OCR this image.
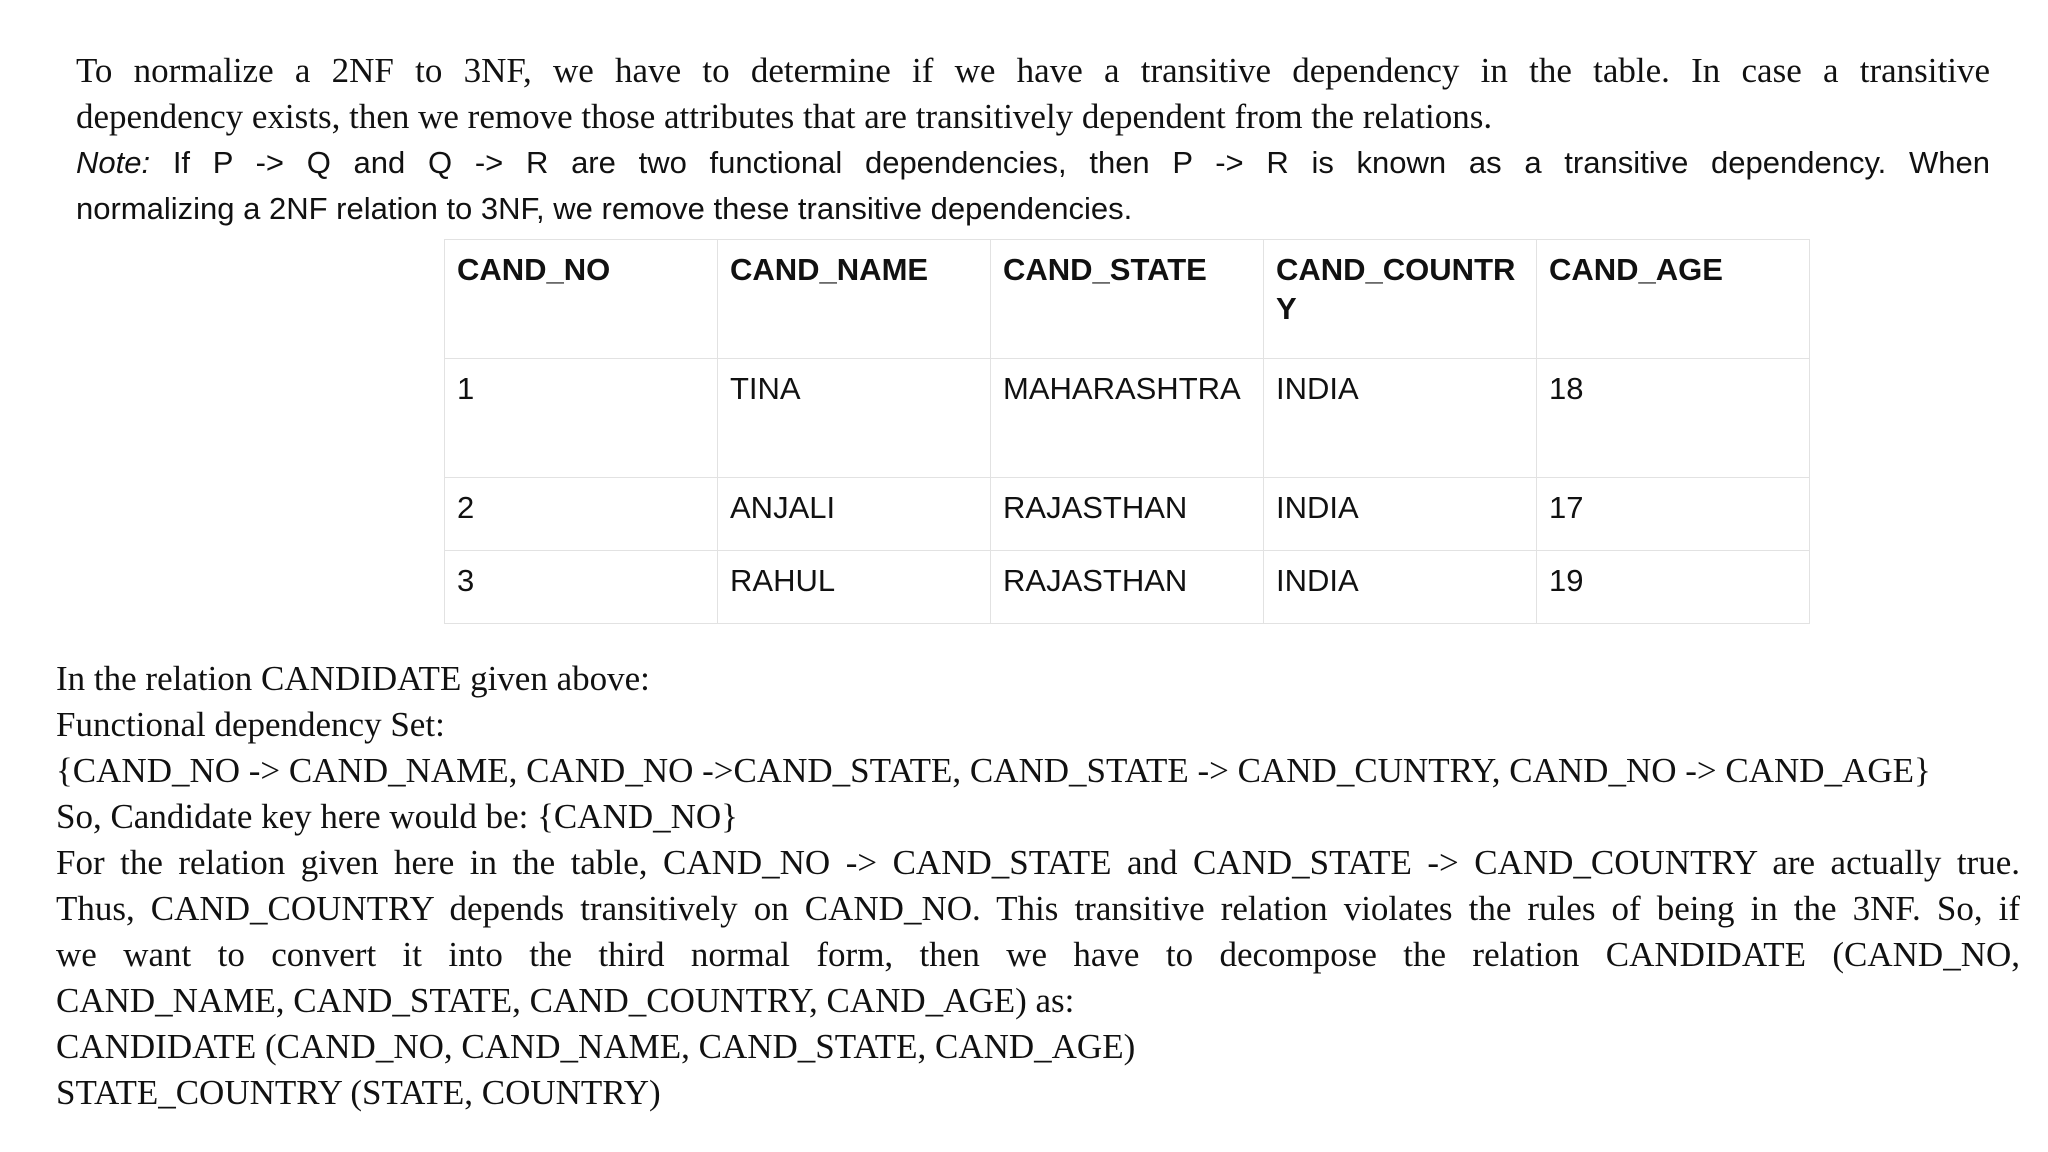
To normalize a 2NF to 3NF, we have to determine if we have a transitive dependency in the table. In case a transitive
dependency exists, then we remove those attributes that are transitively dependent from the relations.
Note: If P -> Q and Q -> R are two functional dependencies, then P -> R is known as a transitive dependency. When
normalizing a 2NF relation to 3NF, we remove these transitive dependencies.
CAND_NO	CAND_NAME	CAND_STATE	CAND_COUNTRY	CAND_AGE
1	TINA	MAHARASHTRA	INDIA	18
2	ANJALI	RAJASTHAN	INDIA	17
3	RAHUL	RAJASTHAN	INDIA	19
In the relation CANDIDATE given above:
Functional dependency Set:
{CAND_NO -> CAND_NAME, CAND_NO ->CAND_STATE, CAND_STATE -> CAND_CUNTRY, CAND_NO -> CAND_AGE}
So, Candidate key here would be: {CAND_NO}
For the relation given here in the table, CAND_NO -> CAND_STATE and CAND_STATE -> CAND_COUNTRY are actually true.
Thus, CAND_COUNTRY depends transitively on CAND_NO. This transitive relation violates the rules of being in the 3NF. So, if
we want to convert it into the third normal form, then we have to decompose the relation CANDIDATE (CAND_NO,
CAND_NAME, CAND_STATE, CAND_COUNTRY, CAND_AGE) as:
CANDIDATE (CAND_NO, CAND_NAME, CAND_STATE, CAND_AGE)
STATE_COUNTRY (STATE, COUNTRY)
